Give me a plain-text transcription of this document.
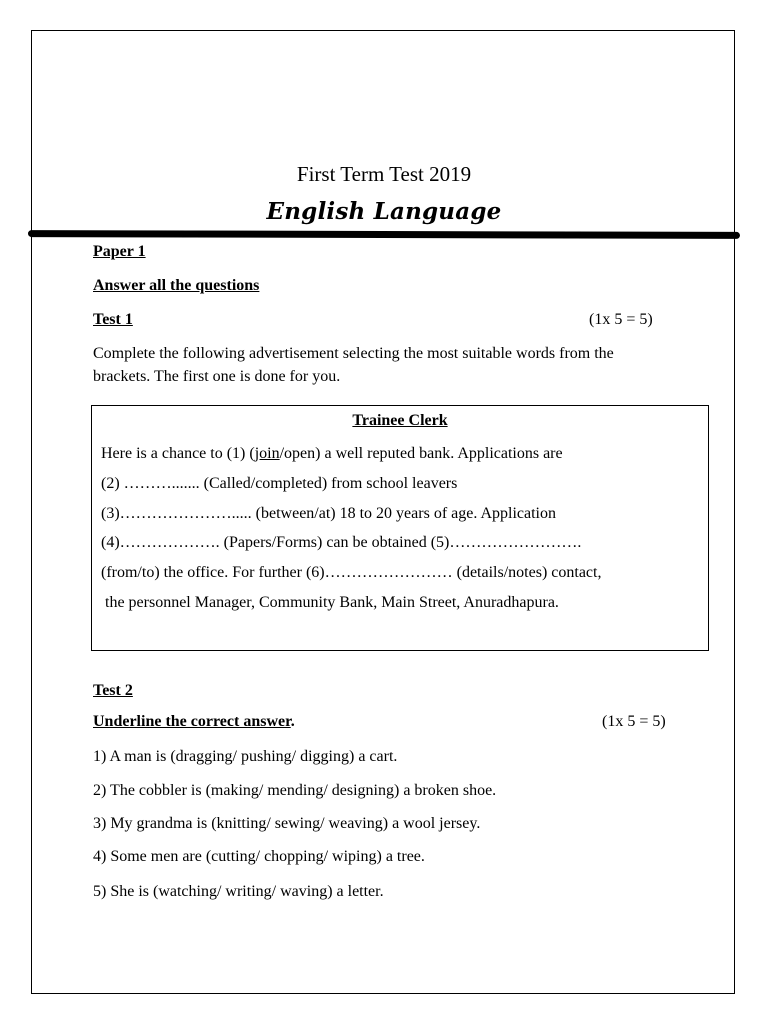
First Term Test 2019
English Language
Paper 1
Answer all the questions
Test 1	(1x 5 = 5)
Complete the following advertisement selecting the most suitable words from the brackets. The first one is done for you.
Trainee Clerk
Here is a chance to (1) (join/open) a well reputed bank. Applications are
(2) ………....... (Called/completed) from school leavers
(3)…………………..... (between/at) 18 to 20 years of age. Application
(4)………………. (Papers/Forms) can be obtained (5)…………………….
(from/to) the office. For further (6)…………………… (details/notes) contact,
the personnel Manager, Community Bank, Main Street, Anuradhapura.
Test 2
Underline the correct answer.	(1x 5 = 5)
1) A man is (dragging/ pushing/ digging) a cart.
2) The cobbler is (making/ mending/ designing) a broken shoe.
3) My grandma is (knitting/ sewing/ weaving) a wool jersey.
4) Some men are (cutting/ chopping/ wiping) a tree.
5) She is (watching/ writing/ waving) a letter.
